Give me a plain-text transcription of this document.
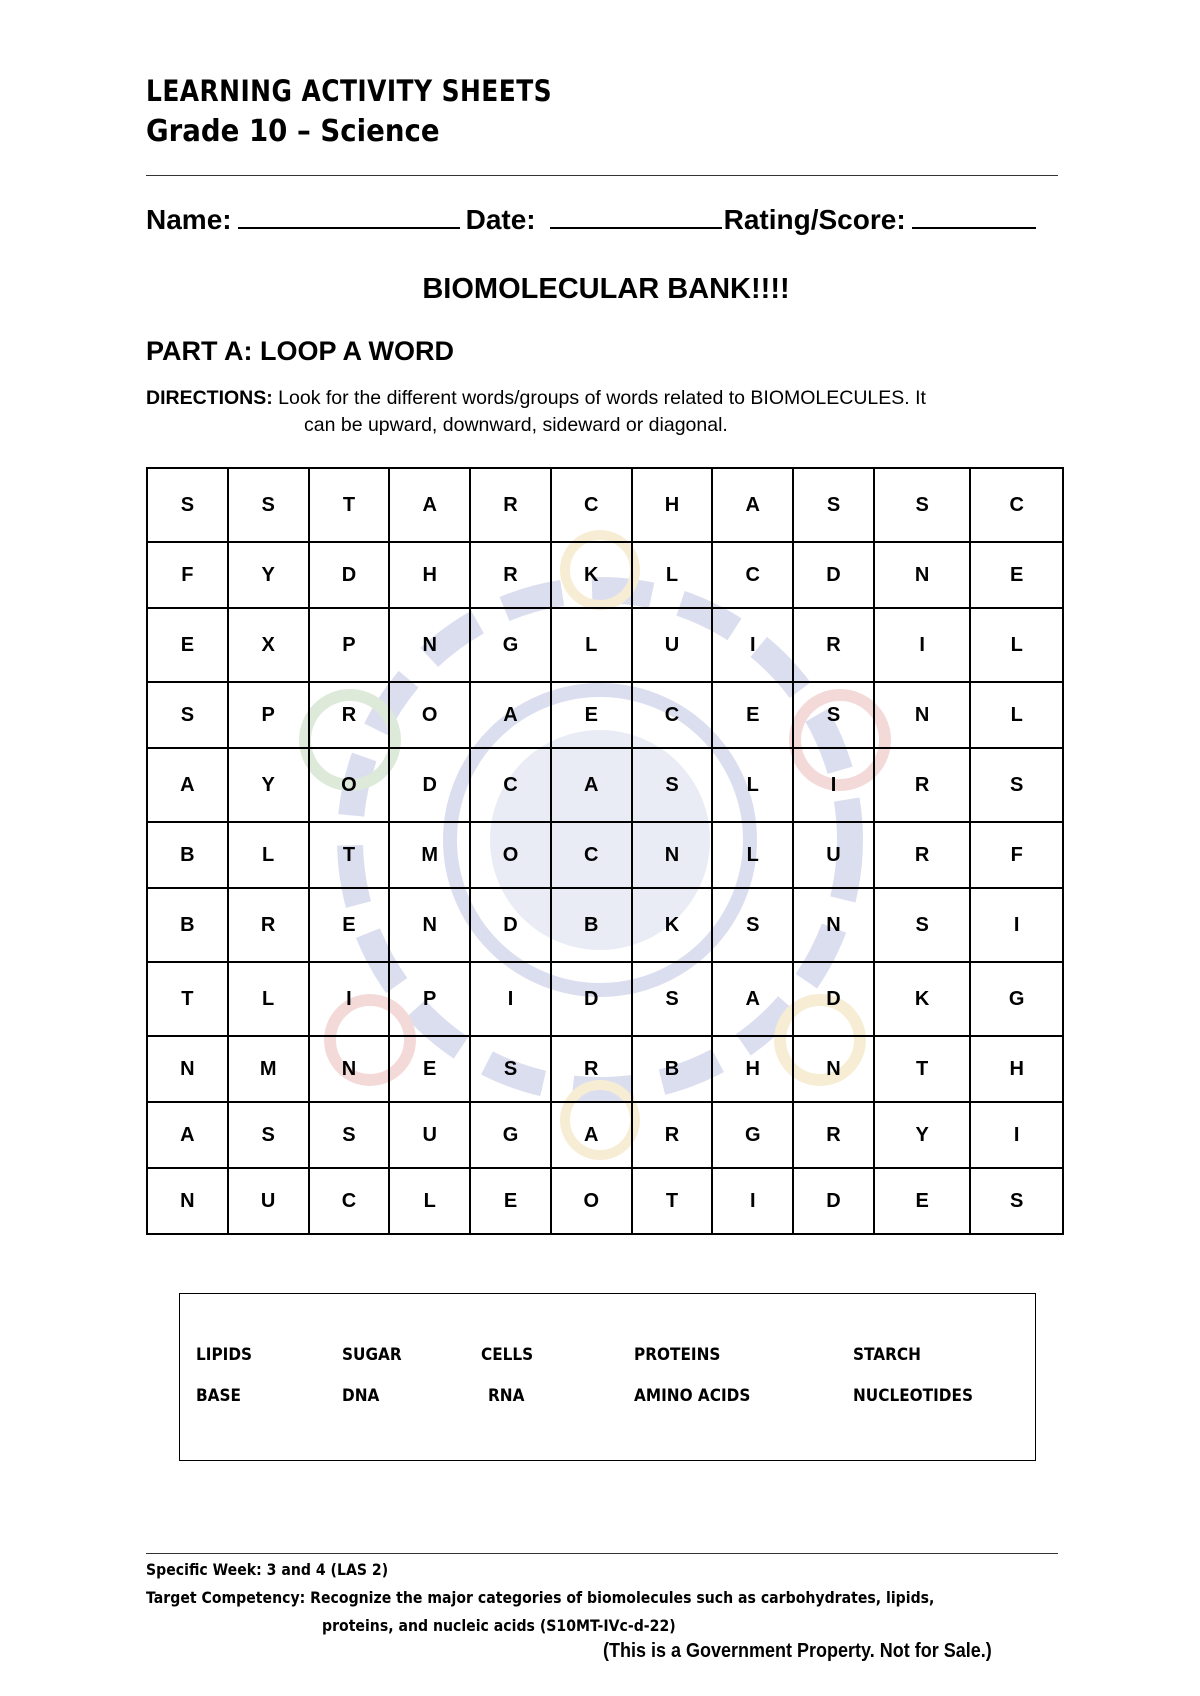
LEARNING ACTIVITY SHEETS
Grade 10 – Science
Name:	Date:	Rating/Score:
BIOMOLECULAR BANK!!!!
PART A: LOOP A WORD
DIRECTIONS: Look for the different words/groups of words related to BIOMOLECULES. It
can be upward, downward, sideward or diagonal.
S	S	T	A	R	C	H	A	S	S	C
F	Y	D	H	R	K	L	C	D	N	E
E	X	P	N	G	L	U	I	R	I	L
S	P	R	O	A	E	C	E	S	N	L
A	Y	O	D	C	A	S	L	I	R	S
B	L	T	M	O	C	N	L	U	R	F
B	R	E	N	D	B	K	S	N	S	I
T	L	I	P	I	D	S	A	D	K	G
N	M	N	E	S	R	B	H	N	T	H
A	S	S	U	G	A	R	G	R	Y	I
N	U	C	L	E	O	T	I	D	E	S
LIPIDS	SUGAR	CELLS	PROTEINS	STARCH
BASE	DNA	RNA	AMINO ACIDS	NUCLEOTIDES
Specific Week: 3 and 4 (LAS 2)
Target Competency: Recognize the major categories of biomolecules such as carbohydrates, lipids,
proteins, and nucleic acids (S10MT-IVc-d-22)
(This is a Government Property. Not for Sale.)
